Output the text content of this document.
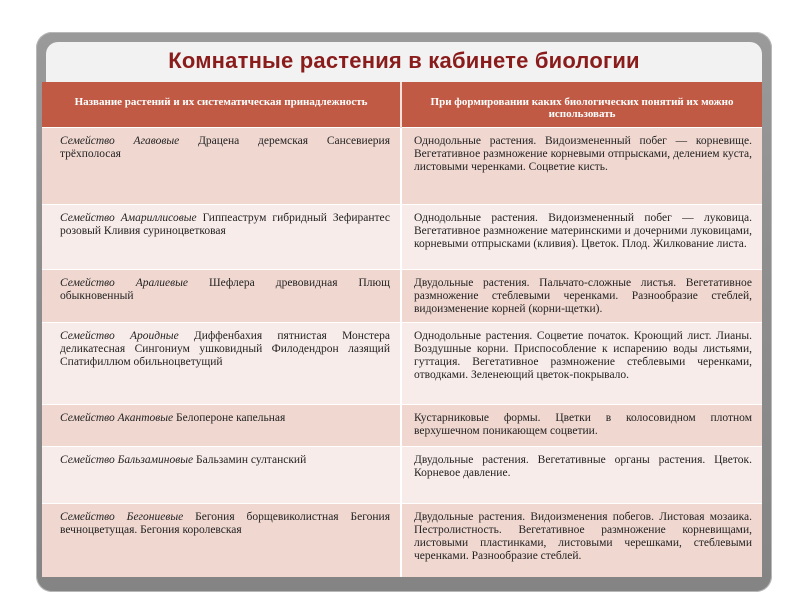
Комнатные растения в кабинете биологии
Название растений и их систематическая принадлежность	При формировании каких биологических понятий их можно использовать
Семейство Агавовые Драцена деремская Сансевиерия трёхполосая	Однодольные растения. Видоизмененный побег — корневище. Вегетативное размножение корневыми отпрысками, делением куста, листовыми черенками. Соцветие кисть.
Семейство Амариллисовые Гиппеаструм гибридный Зефирантес розовый Кливия суриноцветковая	Однодольные растения. Видоизмененный побег — луковица. Вегетативное размножение материнскими и дочерними луковицами, корневыми отпрысками (кливия). Цветок. Плод. Жилкование листа.
Семейство Аралиевые Шефлера древовидная Плющ обыкновенный	Двудольные растения. Пальчато-сложные листья. Вегетативное размножение стеблевыми черенками. Разнообразие стеблей, видоизменение корней (корни-щетки).
Семейство Ароидные Диффенбахия пятнистая Монстера деликатесная Сингониум ушковидный Филодендрон лазящий Спатифиллюм обильноцветущий	Однодольные растения. Соцветие початок. Кроющий лист. Лианы. Воздушные корни. Приспособление к испарению воды листьями, гуттация. Вегетативное размножение стеблевыми черенками, отводками. Зеленеющий цветок-покрывало.
Семейство Акантовые Белопероне капельная	Кустарниковые формы. Цветки в колосовидном плотном верхушечном поникающем соцветии.
Семейство Бальзаминовые Бальзамин султанский	Двудольные растения. Вегетативные органы растения. Цветок. Корневое давление.
Семейство Бегониевые Бегония борщевиколистная Бегония вечноцветущая. Бегония королевская	Двудольные растения. Видоизменения побегов. Листовая мозаика. Пестролистность. Вегетативное размножение корневищами, листовыми пластинками, листовыми черешками, стеблевыми черенками. Разнообразие стеблей.
